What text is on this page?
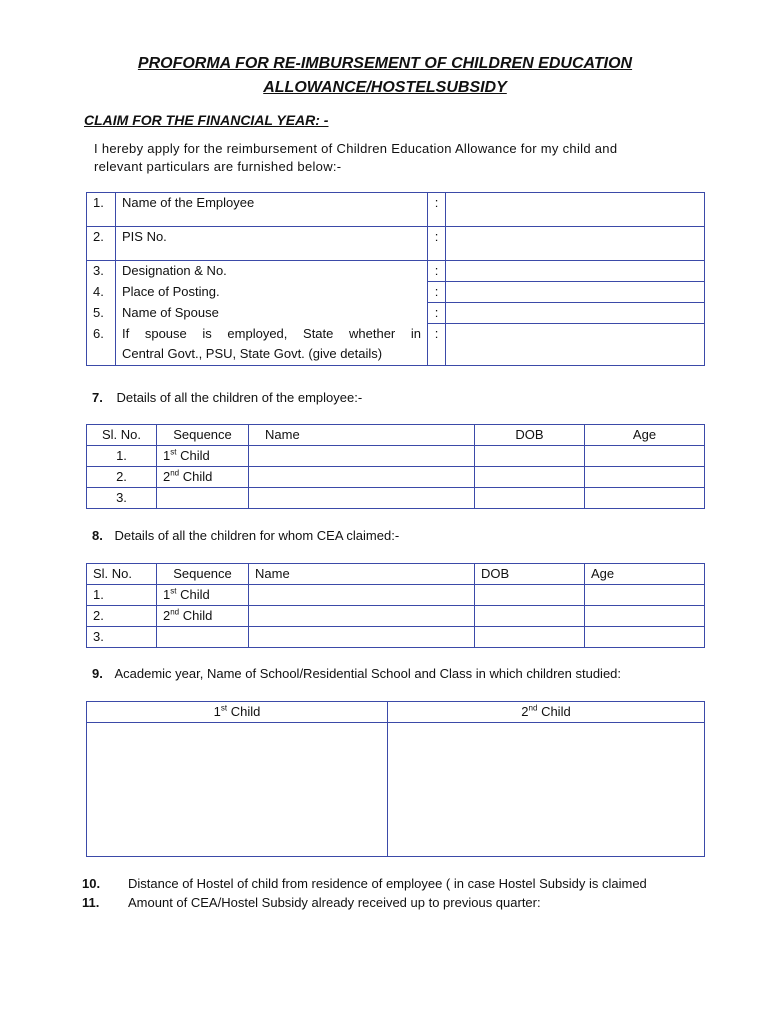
PROFORMA FOR RE-IMBURSEMENT OF CHILDREN EDUCATION
ALLOWANCE/HOSTELSUBSIDY
CLAIM FOR THE FINANCIAL YEAR: -
I hereby apply for the reimbursement of Children Education Allowance for my child and
relevant particulars are furnished below:-
1.	Name of the Employee	:	
2.	PIS No.	:	
3.	Designation & No.	:	
4.	Place of Posting.	:	
5.	Name of Spouse	:	
6.	If spouse is employed, State whether in
Central Govt., PSU, State Govt. (give details)	:	
7. Details of all the children of the employee:-
Sl. No.	Sequence	Name	DOB	Age
1.	1st Child			
2.	2nd Child			
3.				
8. Details of all the children for whom CEA claimed:-
Sl. No.	Sequence	Name	DOB	Age
1.	1st Child			
2.	2nd Child			
3.				
9. Academic year, Name of School/Residential School and Class in which children studied:
1st Child	2nd Child

10. Distance of Hostel of child from residence of employee ( in case Hostel Subsidy is claimed
11. Amount of CEA/Hostel Subsidy already received up to previous quarter:
